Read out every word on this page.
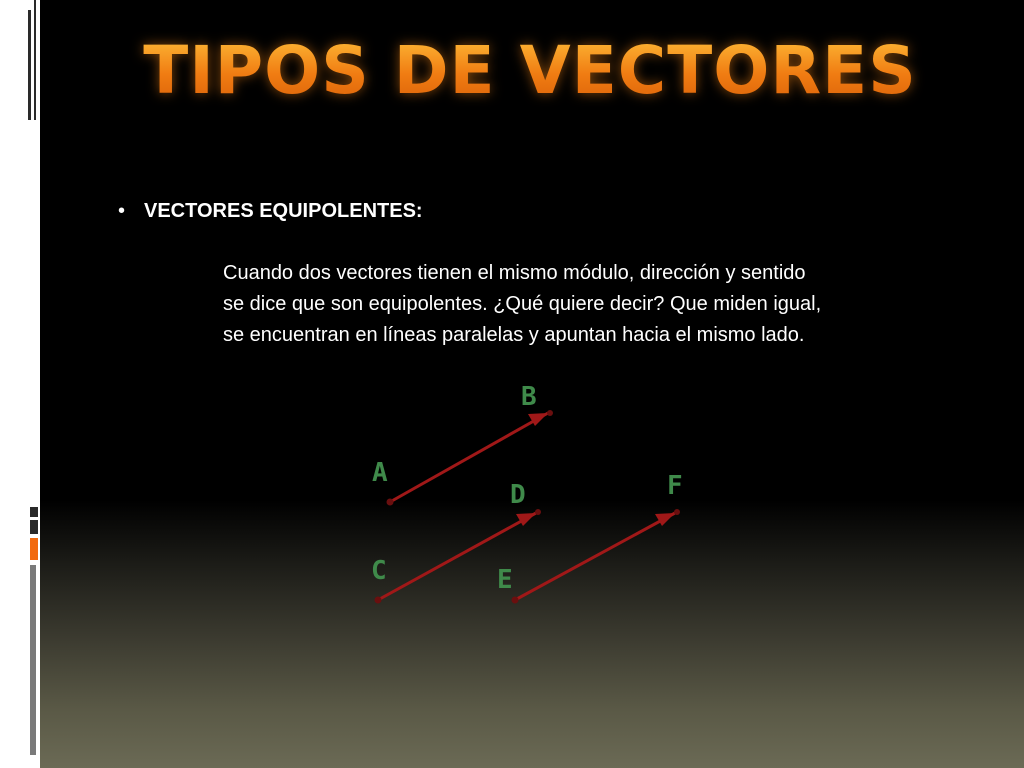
TIPOS DE VECTORES
• VECTORES EQUIPOLENTES:
Cuando dos vectores tienen el mismo módulo, dirección y sentido
se dice que son equipolentes. ¿Qué quiere decir? Que miden igual,
se encuentran en líneas paralelas y apuntan hacia el mismo lado.
A
B
C
D
E
F
